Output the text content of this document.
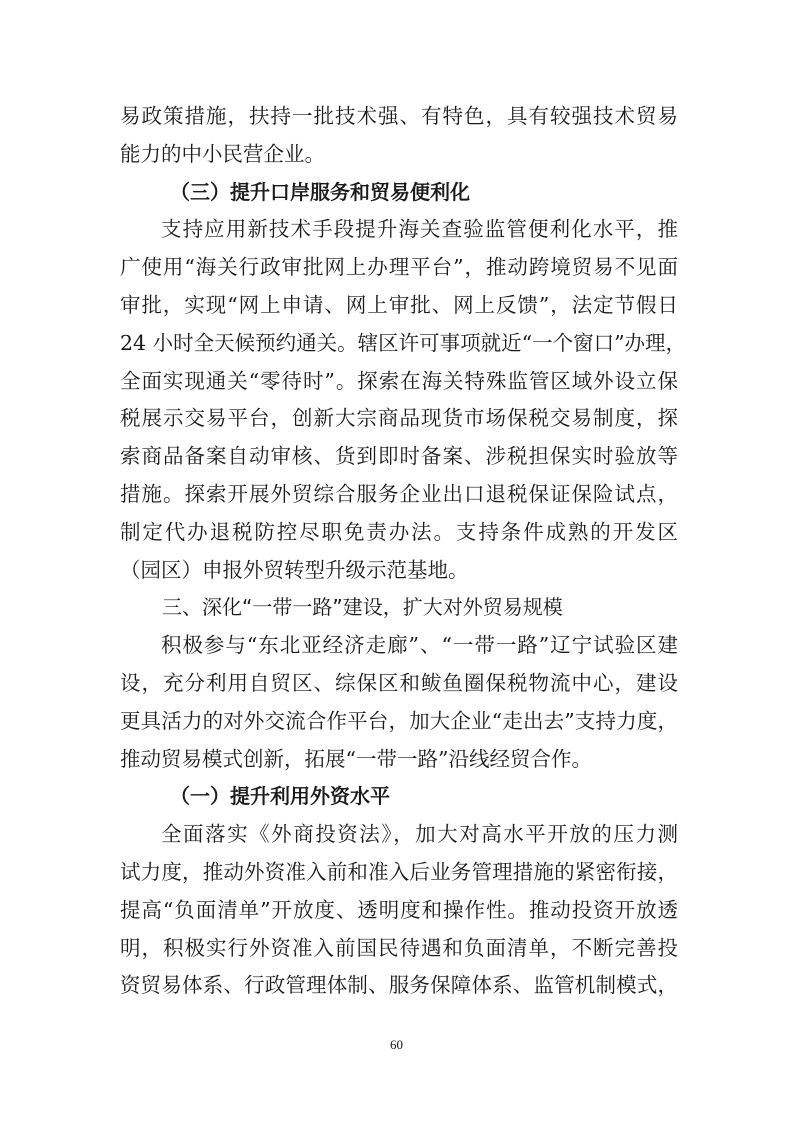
易政策措施，扶持一批技术强、有特色，具有较强技术贸易
能力的中小民营企业。
（三）提升口岸服务和贸易便利化
支持应用新技术手段提升海关查验监管便利化水平，推
广使用“海关行政审批网上办理平台”，推动跨境贸易不见面
审批，实现“网上申请、网上审批、网上反馈”，法定节假日
24 小时全天候预约通关。辖区许可事项就近“一个窗口”办理，
全面实现通关“零待时”。探索在海关特殊监管区域外设立保
税展示交易平台，创新大宗商品现货市场保税交易制度，探
索商品备案自动审核、货到即时备案、涉税担保实时验放等
措施。探索开展外贸综合服务企业出口退税保证保险试点，
制定代办退税防控尽职免责办法。支持条件成熟的开发区
（园区）申报外贸转型升级示范基地。
三、深化“一带一路”建设，扩大对外贸易规模
积极参与“东北亚经济走廊”、“一带一路”辽宁试验区建
设，充分利用自贸区、综保区和鲅鱼圈保税物流中心，建设
更具活力的对外交流合作平台，加大企业“走出去”支持力度，
推动贸易模式创新，拓展“一带一路”沿线经贸合作。
（一）提升利用外资水平
全面落实《外商投资法》，加大对高水平开放的压力测
试力度，推动外资准入前和准入后业务管理措施的紧密衔接，
提高“负面清单”开放度、透明度和操作性。推动投资开放透
明，积极实行外资准入前国民待遇和负面清单，不断完善投
资贸易体系、行政管理体制、服务保障体系、监管机制模式，
60
